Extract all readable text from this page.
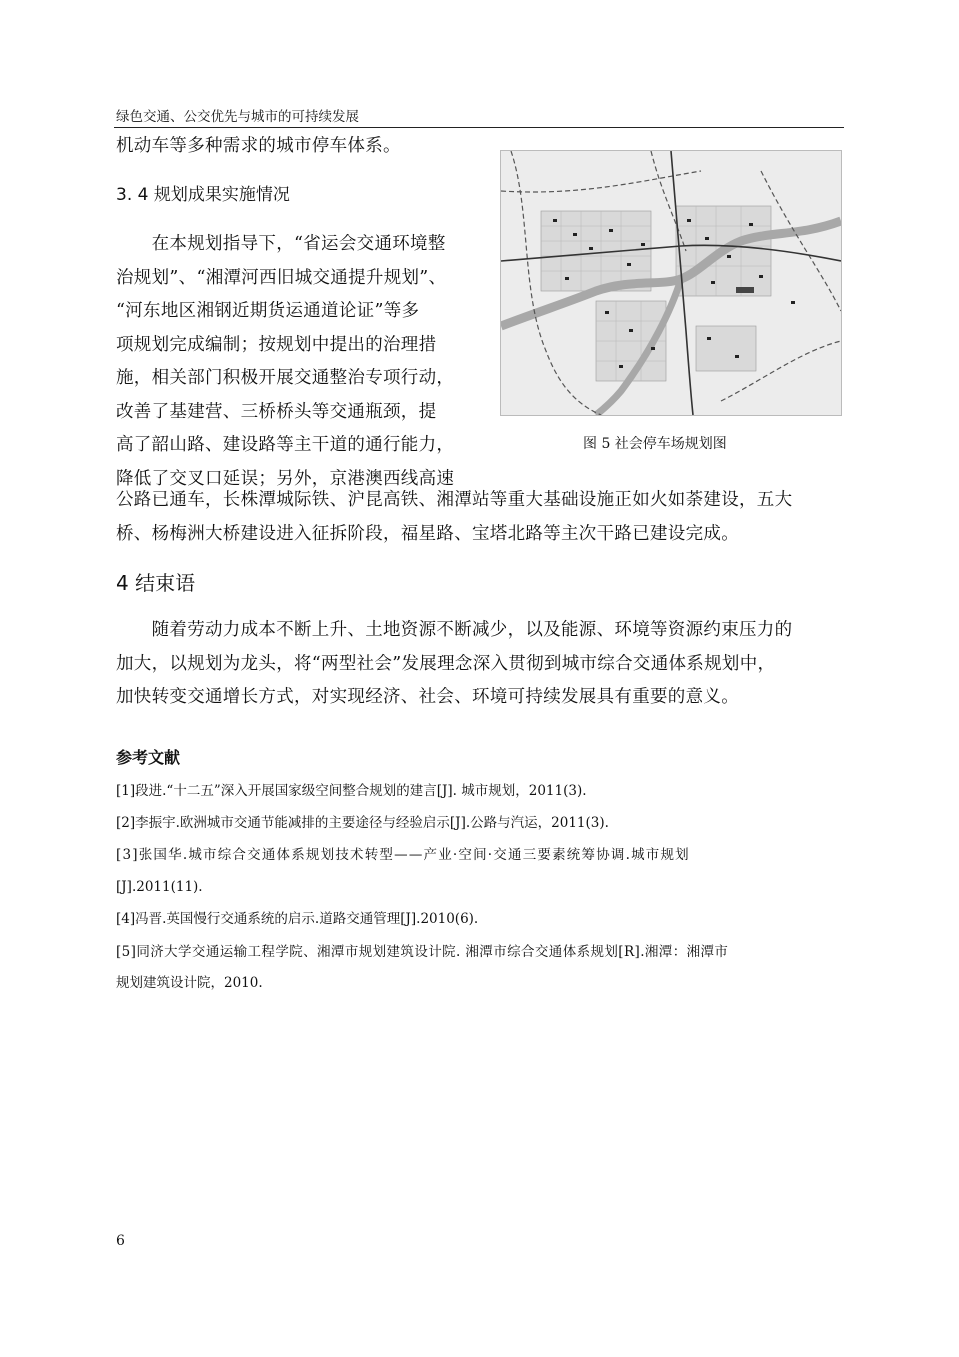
绿色交通、公交优先与城市的可持续发展
机动车等多种需求的城市停车体系。
3. 4 规划成果实施情况
　　在本规划指导下，“省运会交通环境整
治规划”、“湘潭河西旧城交通提升规划”、
“河东地区湘钢近期货运通道论证”等多
项规划完成编制；按规划中提出的治理措
施，相关部门积极开展交通整治专项行动，
改善了基建营、三桥桥头等交通瓶颈，提
高了韶山路、建设路等主干道的通行能力，
降低了交叉口延误；另外，京港澳西线高速
公路已通车，长株潭城际铁、沪昆高铁、湘潭站等重大基础设施正如火如荼建设，五大
桥、杨梅洲大桥建设进入征拆阶段，福星路、宝塔北路等主次干路已建设完成。
图 5 社会停车场规划图
4 结束语
　　随着劳动力成本不断上升、土地资源不断减少，以及能源、环境等资源约束压力的
加大，以规划为龙头，将“两型社会”发展理念深入贯彻到城市综合交通体系规划中，
加快转变交通增长方式，对实现经济、社会、环境可持续发展具有重要的意义。
参考文献
[1]段进.“十二五”深入开展国家级空间整合规划的建言[J]. 城市规划，2011(3).
[2]李振宇.欧洲城市交通节能减排的主要途径与经验启示[J].公路与汽运，2011(3).
[3]张国华.城市综合交通体系规划技术转型——产业·空间·交通三要素统筹协调.城市规划
[J].2011(11).
[4]冯晋.英国慢行交通系统的启示.道路交通管理[J].2010(6).
[5]同济大学交通运输工程学院、湘潭市规划建筑设计院. 湘潭市综合交通体系规划[R].湘潭：湘潭市
规划建筑设计院，2010.
6
